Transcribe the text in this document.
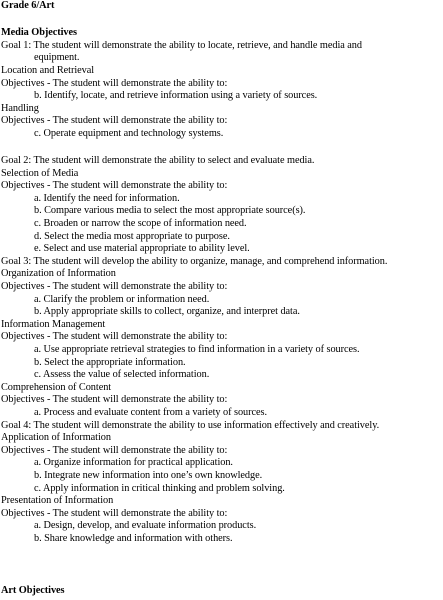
Grade 6/Art
Media Objectives
Goal 1: The student will demonstrate the ability to locate, retrieve, and handle media and
equipment.
Location and Retrieval
Objectives - The student will demonstrate the ability to:
b. Identify, locate, and retrieve information using a variety of sources.
Handling
Objectives - The student will demonstrate the ability to:
c. Operate equipment and technology systems.
Goal 2: The student will demonstrate the ability to select and evaluate media.
Selection of Media
Objectives - The student will demonstrate the ability to:
a. Identify the need for information.
b. Compare various media to select the most appropriate source(s).
c. Broaden or narrow the scope of information need.
d. Select the media most appropriate to purpose.
e. Select and use material appropriate to ability level.
Goal 3: The student will develop the ability to organize, manage, and comprehend information.
Organization of Information
Objectives - The student will demonstrate the ability to:
a. Clarify the problem or information need.
b. Apply appropriate skills to collect, organize, and interpret data.
Information Management
Objectives - The student will demonstrate the ability to:
a. Use appropriate retrieval strategies to find information in a variety of sources.
b. Select the appropriate information.
c. Assess the value of selected information.
Comprehension of Content
Objectives - The student will demonstrate the ability to:
a. Process and evaluate content from a variety of sources.
Goal 4: The student will demonstrate the ability to use information effectively and creatively.
Application of Information
Objectives - The student will demonstrate the ability to:
a. Organize information for practical application.
b. Integrate new information into one’s own knowledge.
c. Apply information in critical thinking and problem solving.
Presentation of Information
Objectives - The student will demonstrate the ability to:
a. Design, develop, and evaluate information products.
b. Share knowledge and information with others.
Art Objectives
